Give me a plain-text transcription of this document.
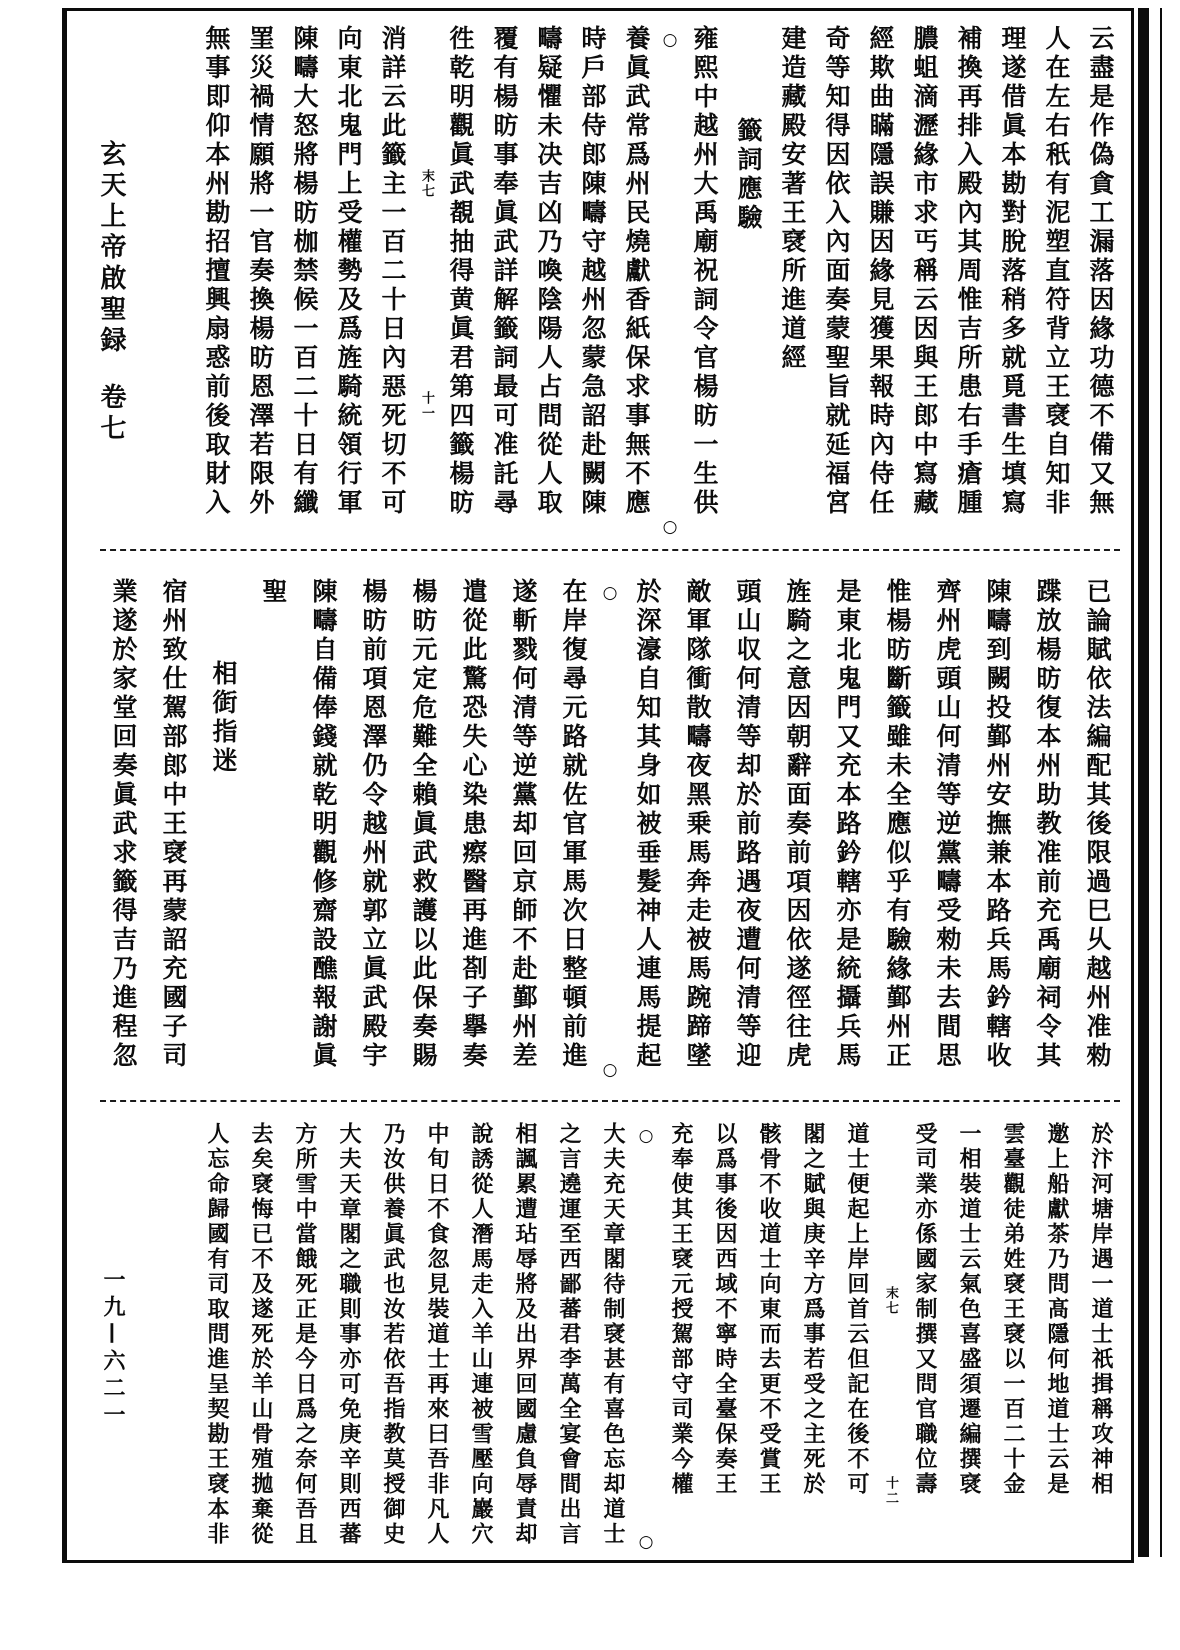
玄天上帝啟聖録卷七
一九—六二一
云盡是作偽貪工漏落因緣功德不備又無
人在左右秖有泥塑直符背立王裦自知非
理遂借眞本勘對脫落稍多就覓書生填寫
補換再排入殿內其周惟吉所患右手瘡腫
膿蛆滴瀝緣市求丐稱云因與王郎中寫藏
經欺曲瞞隱誤賺因緣見獲果報時內侍任
奇等知得因依入內面奏蒙聖旨就延福宮
建造藏殿安著王裦所進道經
籤詞應驗
雍熙中越州大禹廟祝詞令官楊昉一生供
○
○
養眞武常爲州民燒獻香紙保求事無不應
時戶部侍郎陳疇守越州忽蒙急詔赴闕陳
疇疑懼未决吉凶乃喚陰陽人占問從人取
覆有楊昉事奉眞武詳解籤詞最可准託尋
徃乾明觀眞武覩抽得黄眞君第四籤楊昉
末七
十一
消詳云此籤主一百二十日內惡死切不可
向東北鬼門上受權勢及爲旌騎統領行軍
陳疇大怒將楊昉枷禁候一百二十日有纖
罣災禍情願將一官奏換楊昉恩澤若限外
無事即仰本州勘招擅興扇惑前後取財入
已論賦依法編配其後限過巳乆越州准勑
蹀放楊昉復本州助教准前充禹廟祠令其
陳疇到闕投鄞州安撫兼本路兵馬鈐轄收
齊州虎頭山何清等逆黨疇受勑未去間思
惟楊昉斷籤雖未全應似乎有驗緣鄞州正
是東北鬼門又充本路鈐轄亦是統攝兵馬
旌騎之意因朝辭面奏前項因依遂徑往虎
頭山収何清等却於前路遇夜遭何清等迎
敵軍隊衝散疇夜黑乗馬奔走被馬踠蹄墜
於深濠自知其身如被垂髮神人連馬提起
○
○
在岸復尋元路就佐官軍馬次日整頓前進
遂斬戮何清等逆黨却回京師不赴鄞州差
遣從此驚恐失心染患瘵醫再進剳子擧奏
楊昉元定危難全賴眞武救護以此保奏賜
楊昉前項恩澤仍令越州就郭立眞武殿宇
陳疇自備俸錢就乾明觀修齋設醮報謝眞
聖
相衘指迷
宿州致仕駕部郎中王裦再蒙詔充國子司
業遂於家堂回奏眞武求籤得吉乃進程忽
於汴河塘岸遇一道士祇揖稱攻神相
邀上船獻茶乃問髙隱何地道士云是
雲臺觀徒弟姓裦王裦以一百二十金
一相裝道士云氣色喜盛須遷編撰裦
受司業亦係國家制撰又問官職位壽
末七
十二
道士便起上岸回首云但記在後不可
閣之賦與庚辛方爲事若受之主死於
骸骨不收道士向東而去更不受賞王
以爲事後因西域不寧時全臺保奏王
充奉使其王裦元授駕部守司業今權
○
○
大夫充天章閣待制裦甚有喜色忘却道士
之言遶運至西鄙蕃君李萬全宴會間出言
相諷累遭玷辱將及出界回國慮負辱責却
說誘從人潛馬走入羊山連被雪壓向巖穴
中旬日不食忽見裝道士再來曰吾非凡人
乃汝供養眞武也汝若依吾指教莫授御史
大夫天章閣之職則事亦可免庚辛則西蕃
方所雪中當餓死正是今日爲之奈何吾且
去矣裦悔已不及遂死於羊山骨殖拋棄從
人忘命歸國有司取問進呈契勘王裦本非
